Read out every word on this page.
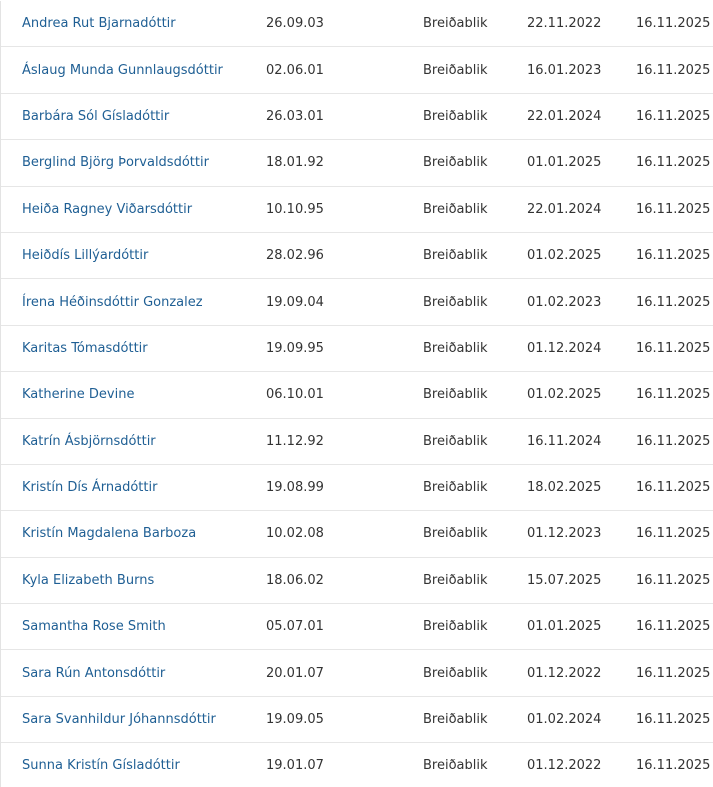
Andrea Rut Bjarnadóttir	26.09.03	Breiðablik	22.11.2022	16.11.2025
Áslaug Munda Gunnlaugsdóttir	02.06.01	Breiðablik	16.01.2023	16.11.2025
Barbára Sól Gísladóttir	26.03.01	Breiðablik	22.01.2024	16.11.2025
Berglind Björg Þorvaldsdóttir	18.01.92	Breiðablik	01.01.2025	16.11.2025
Heiða Ragney Viðarsdóttir	10.10.95	Breiðablik	22.01.2024	16.11.2025
Heiðdís Lillýardóttir	28.02.96	Breiðablik	01.02.2025	16.11.2025
Írena Héðinsdóttir Gonzalez	19.09.04	Breiðablik	01.02.2023	16.11.2025
Karitas Tómasdóttir	19.09.95	Breiðablik	01.12.2024	16.11.2025
Katherine Devine	06.10.01	Breiðablik	01.02.2025	16.11.2025
Katrín Ásbjörnsdóttir	11.12.92	Breiðablik	16.11.2024	16.11.2025
Kristín Dís Árnadóttir	19.08.99	Breiðablik	18.02.2025	16.11.2025
Kristín Magdalena Barboza	10.02.08	Breiðablik	01.12.2023	16.11.2025
Kyla Elizabeth Burns	18.06.02	Breiðablik	15.07.2025	16.11.2025
Samantha Rose Smith	05.07.01	Breiðablik	01.01.2025	16.11.2025
Sara Rún Antonsdóttir	20.01.07	Breiðablik	01.12.2022	16.11.2025
Sara Svanhildur Jóhannsdóttir	19.09.05	Breiðablik	01.02.2024	16.11.2025
Sunna Kristín Gísladóttir	19.01.07	Breiðablik	01.12.2022	16.11.2025
